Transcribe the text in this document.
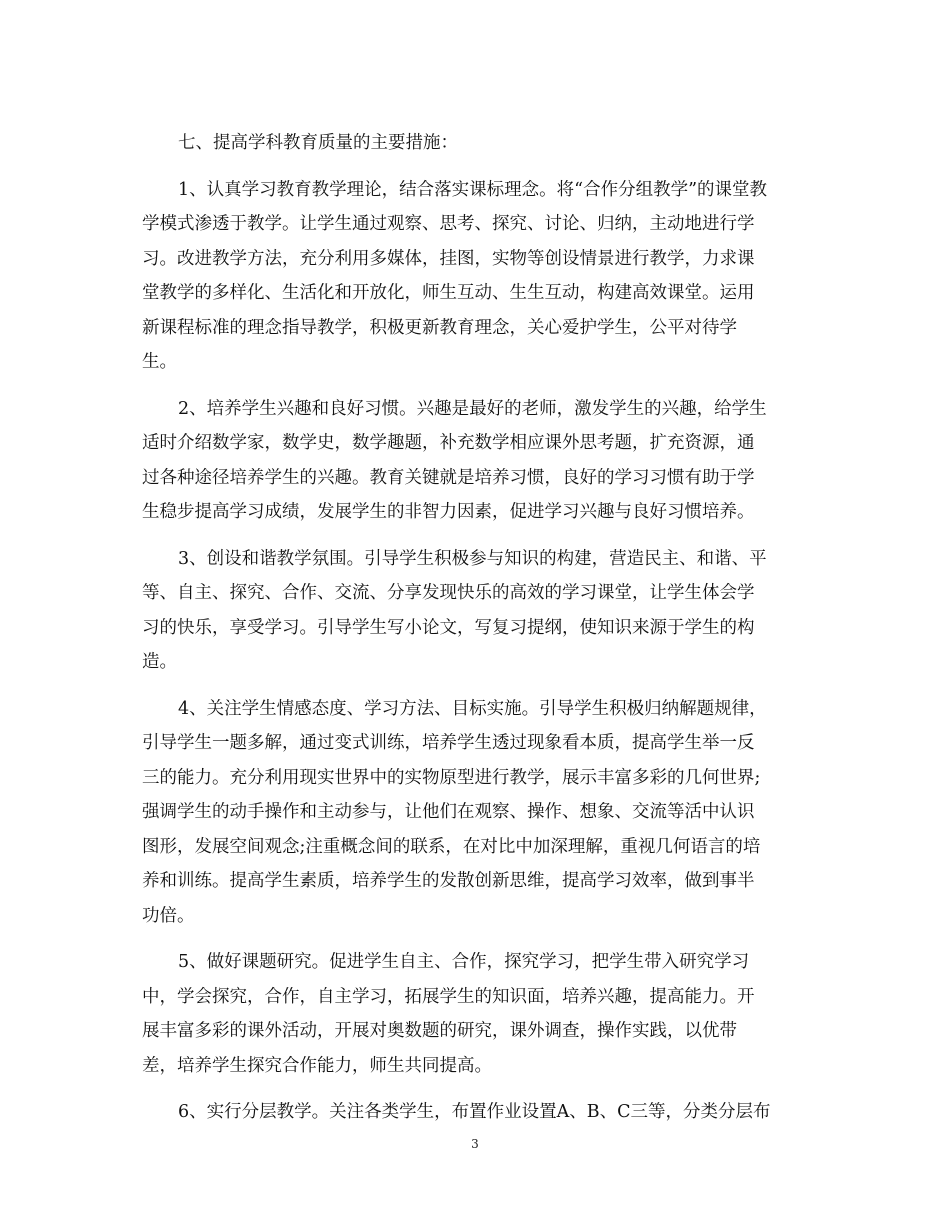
七、提高学科教育质量的主要措施：
1、认真学习教育教学理论，结合落实课标理念。将“合作分组教学”的课堂教
学模式渗透于教学。让学生通过观察、思考、探究、讨论、归纳，主动地进行学
习。改进教学方法，充分利用多媒体，挂图，实物等创设情景进行教学，力求课
堂教学的多样化、生活化和开放化，师生互动、生生互动，构建高效课堂。运用
新课程标准的理念指导教学，积极更新教育理念，关心爱护学生，公平对待学
生。
2、培养学生兴趣和良好习惯。兴趣是最好的老师，激发学生的兴趣，给学生
适时介绍数学家，数学史，数学趣题，补充数学相应课外思考题，扩充资源，通
过各种途径培养学生的兴趣。教育关键就是培养习惯，良好的学习习惯有助于学
生稳步提高学习成绩，发展学生的非智力因素，促进学习兴趣与良好习惯培养。
3、创设和谐教学氛围。引导学生积极参与知识的构建，营造民主、和谐、平
等、自主、探究、合作、交流、分享发现快乐的高效的学习课堂，让学生体会学
习的快乐，享受学习。引导学生写小论文，写复习提纲，使知识来源于学生的构
造。
4、关注学生情感态度、学习方法、目标实施。引导学生积极归纳解题规律，
引导学生一题多解，通过变式训练，培养学生透过现象看本质，提高学生举一反
三的能力。充分利用现实世界中的实物原型进行教学，展示丰富多彩的几何世界;
强调学生的动手操作和主动参与，让他们在观察、操作、想象、交流等活中认识
图形，发展空间观念;注重概念间的联系，在对比中加深理解，重视几何语言的培
养和训练。提高学生素质，培养学生的发散创新思维，提高学习效率，做到事半
功倍。
5、做好课题研究。促进学生自主、合作，探究学习，把学生带入研究学习
中，学会探究，合作，自主学习，拓展学生的知识面，培养兴趣，提高能力。开
展丰富多彩的课外活动，开展对奥数题的研究，课外调查，操作实践，以优带
差，培养学生探究合作能力，师生共同提高。
6、实行分层教学。关注各类学生，布置作业设置A、B、C三等，分类分层布
3
